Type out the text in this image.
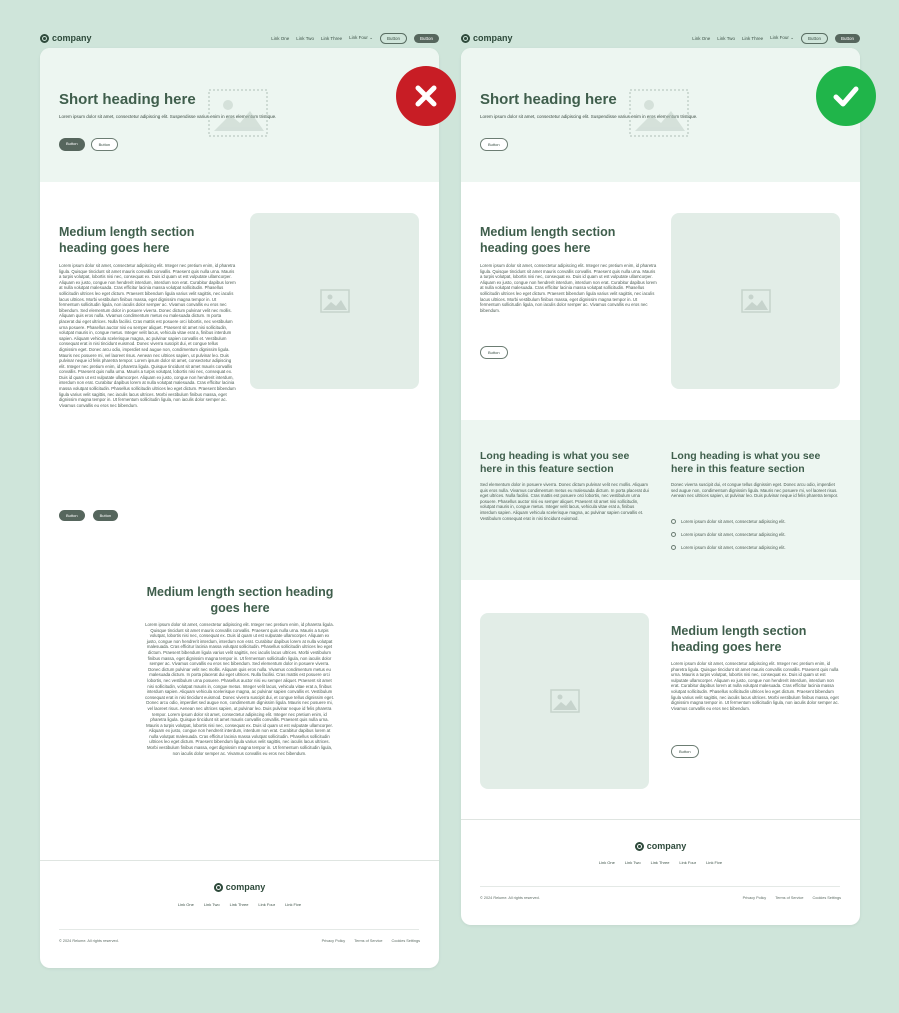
company	Link One Link Two Link Three Link Four ⌄	Button	Button
Short heading here
Lorem ipsum dolor sit amet, consectetur adipiscing elit. Suspendisse varius enim in eros elementum tristique.
Button	Button
Medium length section heading goes here
Lorem ipsum dolor sit amet, consectetur adipiscing elit. Integer nec pretium enim, id pharetra ligula. Quisque tincidunt sit amet mauris convallis convallis. Praesent quis nulla urna. Mauris a turpis volutpat, lobortis nisi nec, consequat ex. Duis id quam ut est vulputate ullamcorper. Aliquam ex justo, congue non hendrerit interdum, interdum non erat. Curabitur dapibus lorem at nulla volutpat malesuada. Cras efficitur lacinia massa volutpat sollicitudin. Phasellus sollicitudin ultrices leo eget dictum. Praesent bibendum ligula varius velit sagittis, nec iaculis lacus ultrices. Morbi vestibulum finibus massa, eget dignissim magna tempor in. Ut fermentum sollicitudin ligula, non iaculis dolor semper ac. Vivamus convallis eu eros nec bibendum. Sed elementum dolor in posuere viverra. Donec dictum pulvinar velit nec mollis. Aliquam quis eros nulla. Vivamus condimentum metus eu malesuada dictum. In porta placerat dui eget ultrices. Nulla facilisi. Cras mattis est posuere orci lobortis, nec vestibulum urna posuere. Phasellus auctor nisi eu semper aliquet. Praesent sit amet nisi sollicitudin, volutpat mauris in, congue metus. Integer velit lacus, vehicula vitae erat a, finibus interdum sapien. Aliquam vehicula scelerisque magna, ac pulvinar sapien convallis et. Vestibulum consequat erat in nisi tincidunt euismod. Donec viverra suscipit dui, et congue tellus dignissim eget. Donec arcu odio, imperdiet sed augue non, condimentum dignissim ligula. Mauris nec posuere mi, vel laoreet risus. Aenean nec ultrices sapien, ut pulvinar leo. Duis pulvinar neque id felis pharetra tempor. Lorem ipsum dolor sit amet, consectetur adipiscing elit. Integer nec pretium enim, id pharetra ligula. Quisque tincidunt sit amet mauris convallis convallis. Praesent quis nulla urna. Mauris a turpis volutpat, lobortis nisi nec, consequat ex. Duis id quam ut est vulputate ullamcorper. Aliquam ex justo, congue non hendrerit interdum, interdum non erat. Curabitur dapibus lorem at nulla volutpat malesuada. Cras efficitur lacinia massa volutpat sollicitudin. Phasellus sollicitudin ultrices leo eget dictum. Praesent bibendum ligula varius velit sagittis, nec iaculis lacus ultrices. Morbi vestibulum finibus massa, eget dignissim magna tempor in. Ut fermentum sollicitudin ligula, non iaculis dolor semper ac. Vivamus convallis eu eros nec bibendum.
Button	Button
Medium length section heading goes here
Lorem ipsum dolor sit amet, consectetur adipiscing elit. Integer nec pretium enim, id pharetra ligula. Quisque tincidunt sit amet mauris convallis convallis. Praesent quis nulla urna. Mauris a turpis volutpat, lobortis nisi nec, consequat ex. Duis id quam ut est vulputate ullamcorper. Aliquam ex justo, congue non hendrerit interdum, interdum non erat. Curabitur dapibus lorem at nulla volutpat malesuada. Cras efficitur lacinia massa volutpat sollicitudin. Phasellus sollicitudin ultrices leo eget dictum. Praesent bibendum ligula varius velit sagittis, nec iaculis lacus ultrices. Morbi vestibulum finibus massa, eget dignissim magna tempor in. Ut fermentum sollicitudin ligula, non iaculis dolor semper ac. Vivamus convallis eu eros nec bibendum. Sed elementum dolor in posuere viverra. Donec dictum pulvinar velit nec mollis. Aliquam quis eros nulla. Vivamus condimentum metus eu malesuada dictum. In porta placerat dui eget ultrices. Nulla facilisi. Cras mattis est posuere orci lobortis, nec vestibulum urna posuere. Phasellus auctor nisi eu semper aliquet. Praesent sit amet nisi sollicitudin, volutpat mauris in, congue metus. Integer velit lacus, vehicula vitae erat a, finibus interdum sapien. Aliquam vehicula scelerisque magna, ac pulvinar sapien convallis et. Vestibulum consequat erat in nisi tincidunt euismod. Donec viverra suscipit dui, et congue tellus dignissim eget. Donec arcu odio, imperdiet sed augue non, condimentum dignissim ligula. Mauris nec posuere mi, vel laoreet risus. Aenean nec ultrices sapien, ut pulvinar leo. Duis pulvinar neque id felis pharetra tempor. Lorem ipsum dolor sit amet, consectetur adipiscing elit. Integer nec pretium enim, id pharetra ligula. Quisque tincidunt sit amet mauris convallis convallis. Praesent quis nulla urna. Mauris a turpis volutpat, lobortis nisi nec, consequat ex. Duis id quam ut est vulputate ullamcorper. Aliquam ex justo, congue non hendrerit interdum, interdum non erat. Curabitur dapibus lorem at nulla volutpat malesuada. Cras efficitur lacinia massa volutpat sollicitudin. Phasellus sollicitudin ultrices leo eget dictum. Praesent bibendum ligula varius velit sagittis, nec iaculis lacus ultrices. Morbi vestibulum finibus massa, eget dignissim magna tempor in. Ut fermentum sollicitudin ligula, non iaculis dolor semper ac. Vivamus convallis eu eros nec bibendum.
company
Link One	Link Two	Link Three	Link Four	Link Five
© 2024 Relume. All rights reserved.	Privacy Policy Terms of Service Cookies Settings
company	Link One Link Two Link Three Link Four ⌄	Button	Button
Short heading here
Lorem ipsum dolor sit amet, consectetur adipiscing elit. Suspendisse varius enim in eros elementum tristique.
Button
Medium length section heading goes here
Lorem ipsum dolor sit amet, consectetur adipiscing elit. Integer nec pretium enim, id pharetra ligula. Quisque tincidunt sit amet mauris convallis convallis. Praesent quis nulla urna. Mauris a turpis volutpat, lobortis nisi nec, consequat ex. Duis id quam ut est vulputate ullamcorper. Aliquam ex justo, congue non hendrerit interdum, interdum non erat. Curabitur dapibus lorem at nulla volutpat malesuada. Cras efficitur lacinia massa volutpat sollicitudin. Phasellus sollicitudin ultrices leo eget dictum. Praesent bibendum ligula varius velit sagittis, nec iaculis lacus ultrices. Morbi vestibulum finibus massa, eget dignissim magna tempor in. Ut fermentum sollicitudin ligula, non iaculis dolor semper ac. Vivamus convallis eu eros nec bibendum.
Button
Long heading is what you see here in this feature section
Sed elementum dolor in posuere viverra. Donec dictum pulvinar velit nec mollis. Aliquam quis eros nulla. Vivamus condimentum metus eu malesuada dictum. In porta placerat dui eget ultrices. Nulla facilisi. Cras mattis est posuere orci lobortis, nec vestibulum urna posuere. Phasellus auctor nisi eu semper aliquet. Praesent sit amet nisi sollicitudin, volutpat mauris in, congue metus. Integer velit lacus, vehicula vitae erat a, finibus interdum sapien. Aliquam vehicula scelerisque magna, ac pulvinar sapien convallis et. Vestibulum consequat erat in nisi tincidunt euismod.
Long heading is what you see here in this feature section
Donec viverra suscipit dui, et congue tellus dignissim eget. Donec arcu odio, imperdiet sed augue non, condimentum dignissim ligula. Mauris nec posuere mi, vel laoreet risus. Aenean nec ultrices sapien, ut pulvinar leo. Duis pulvinar neque id felis pharetra tempor.
Lorem ipsum dolor sit amet, consectetur adipiscing elit.
Lorem ipsum dolor sit amet, consectetur adipiscing elit.
Lorem ipsum dolor sit amet, consectetur adipiscing elit.
Medium length section heading goes here
Lorem ipsum dolor sit amet, consectetur adipiscing elit. Integer nec pretium enim, id pharetra ligula. Quisque tincidunt sit amet mauris convallis convallis. Praesent quis nulla urna. Mauris a turpis volutpat, lobortis nisi nec, consequat ex. Duis id quam ut est vulputate ullamcorper. Aliquam ex justo, congue non hendrerit interdum, interdum non erat. Curabitur dapibus lorem at nulla volutpat malesuada. Cras efficitur lacinia massa volutpat sollicitudin. Phasellus sollicitudin ultrices leo eget dictum. Praesent bibendum ligula varius velit sagittis, nec iaculis lacus ultrices. Morbi vestibulum finibus massa, eget dignissim magna tempor in. Ut fermentum sollicitudin ligula, non iaculis dolor semper ac. Vivamus convallis eu eros nec bibendum.
Button
company
Link One	Link Two	Link Three	Link Four	Link Five
© 2024 Relume. All rights reserved.	Privacy Policy Terms of Service Cookies Settings
